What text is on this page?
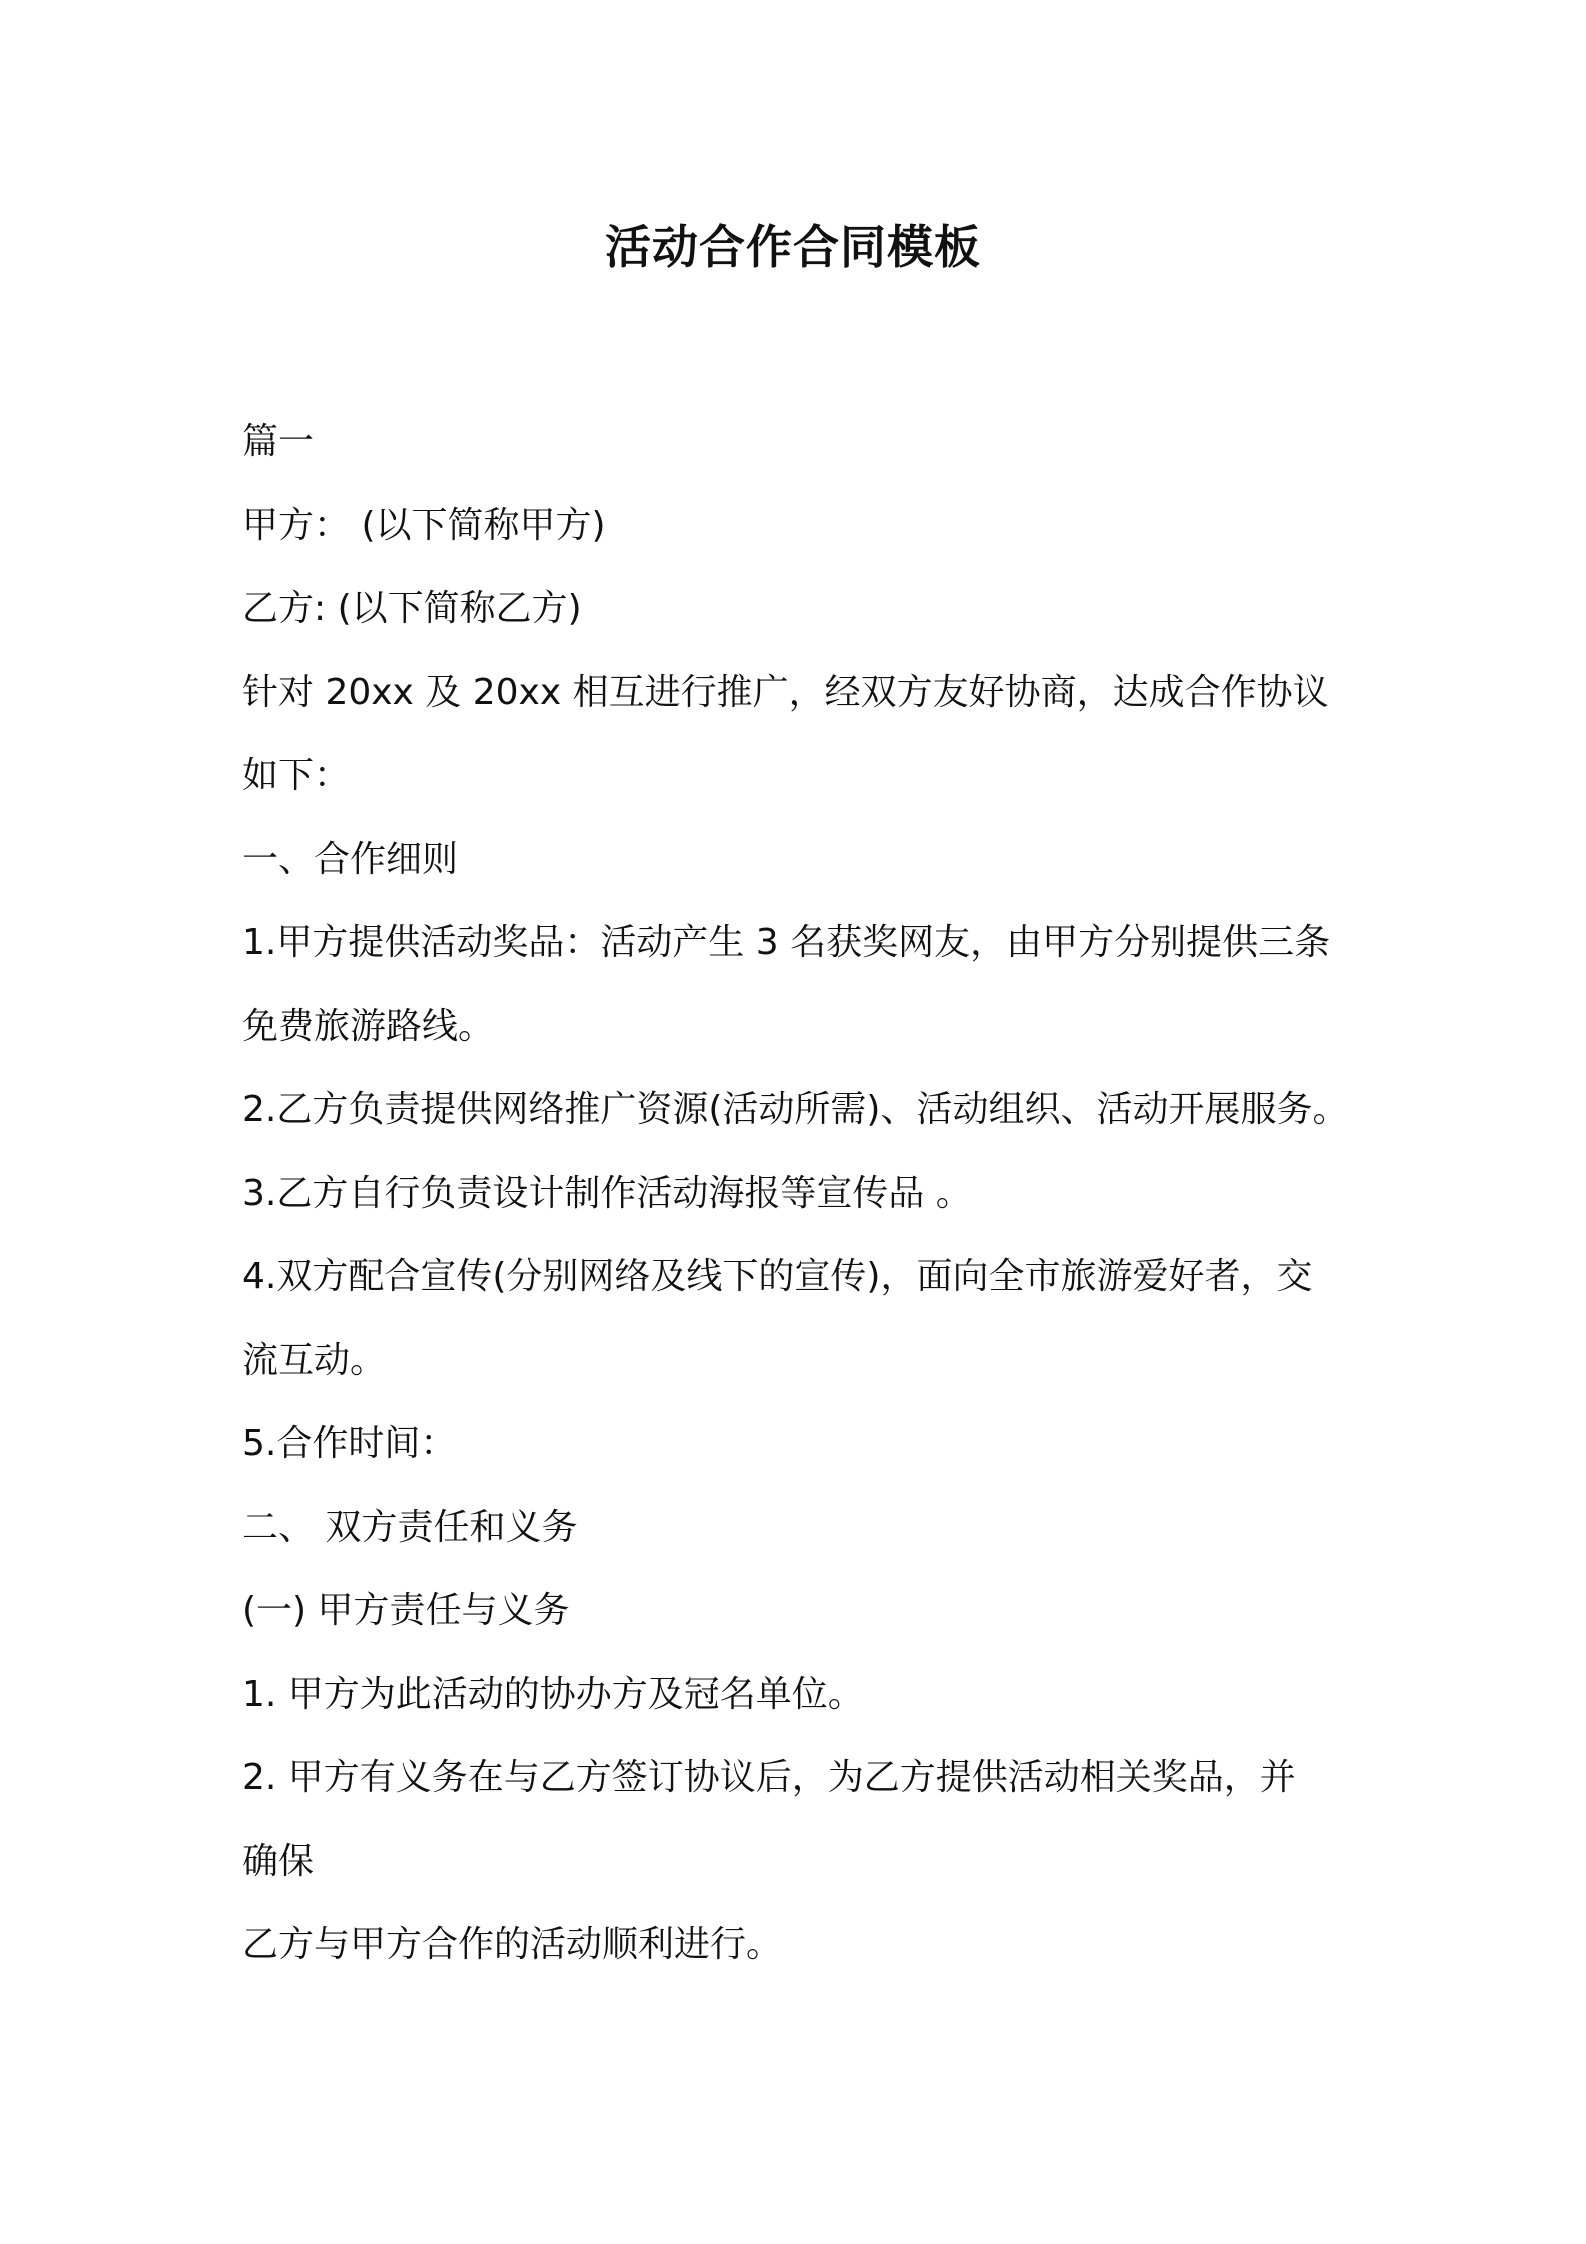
活动合作合同模板

篇一

甲方： (以下简称甲方)

乙方: (以下简称乙方)

针对 20xx 及 20xx 相互进行推广，经双方友好协商，达成合作协议

如下：

一、合作细则

1.甲方提供活动奖品：活动产生 3 名获奖网友，由甲方分别提供三条

免费旅游路线。

2.乙方负责提供网络推广资源(活动所需)、活动组织、活动开展服务。

3.乙方自行负责设计制作活动海报等宣传品 。

4.双方配合宣传(分别网络及线下的宣传)，面向全市旅游爱好者，交

流互动。

5.合作时间：

二、 双方责任和义务

(一) 甲方责任与义务

1. 甲方为此活动的协办方及冠名单位。

2. 甲方有义务在与乙方签订协议后，为乙方提供活动相关奖品，并

确保

乙方与甲方合作的活动顺利进行。
